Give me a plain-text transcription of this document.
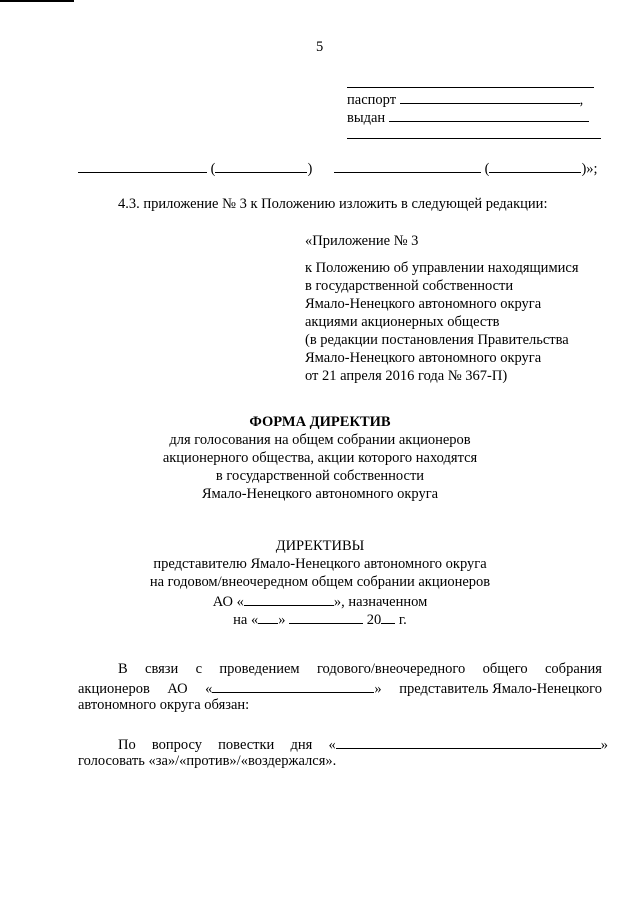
5
паспорт	,
выдан
(	)	(	)»;
4.3. приложение № 3 к Положению изложить в следующей редакции:
«Приложение № 3
к Положению об управлении находящимися
в государственной собственности
Ямало-Ненецкого автономного округа
акциями акционерных обществ
(в редакции постановления Правительства
Ямало-Ненецкого автономного округа
от 21 апреля 2016 года № 367-П)
ФОРМА ДИРЕКТИВ
для голосования на общем собрании акционеров
акционерного общества, акции которого находятся
в государственной собственности
Ямало-Ненецкого автономного округа
ДИРЕКТИВЫ
представителю Ямало-Ненецкого автономного округа
на годовом/внеочередном общем собрании акционеров
АО «	», назначенном
на « »	20 г.
В связи с проведением годового/внеочередного общего собрания
акционеров АО «	» представитель Ямало-Ненецкого
автономного округа обязан:
По вопросу повестки дня «	»
голосовать «за»/«против»/«воздержался».
